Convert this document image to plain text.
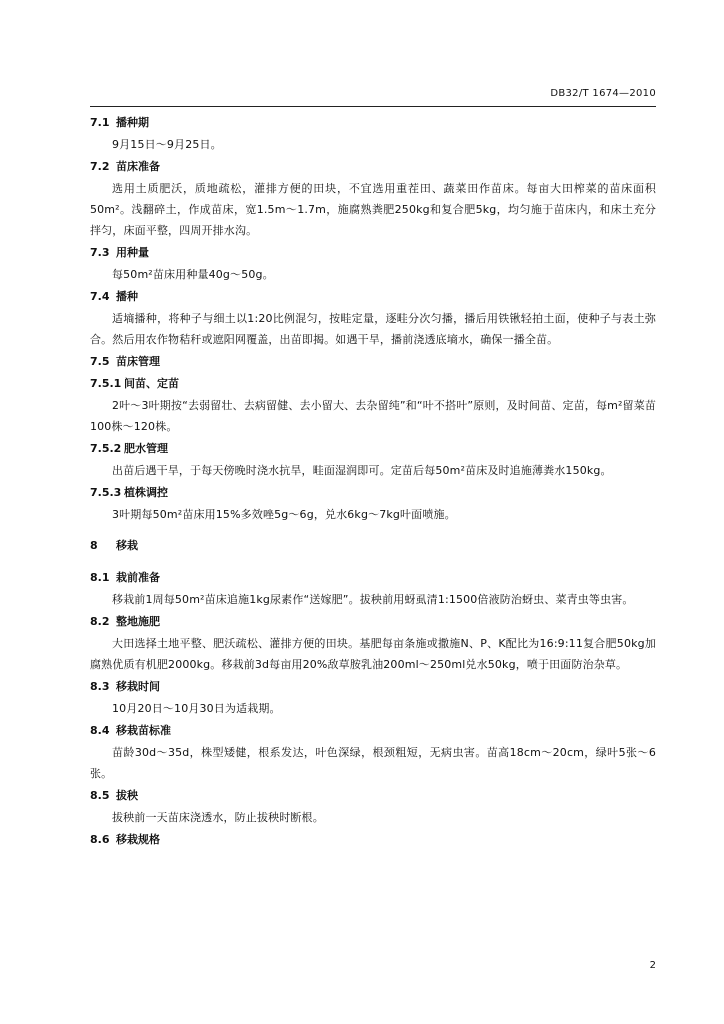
DB32/T 1674—2010
7.1 播种期

9月15日～9月25日。

7.2 苗床准备

选用土质肥沃，质地疏松，灌排方便的田块，不宜选用重茬田、蔬菜田作苗床。每亩大田榨菜的苗床面积50m²。浅翻碎土，作成苗床，宽1.5m～1.7m，施腐熟粪肥250kg和复合肥5kg，均匀施于苗床内，和床土充分拌匀，床面平整，四周开排水沟。

7.3 用种量

每50m²苗床用种量40g～50g。

7.4 播种

适墒播种，将种子与细土以1:20比例混匀，按畦定量，逐畦分次匀播，播后用铁锹轻拍土面，使种子与表土弥合。然后用农作物秸秆或遮阳网覆盖，出苗即揭。如遇干旱，播前浇透底墒水，确保一播全苗。

7.5 苗床管理
7.5.1 间苗、定苗

2叶～3叶期按“去弱留壮、去病留健、去小留大、去杂留纯”和“叶不搭叶”原则，及时间苗、定苗，每m²留菜苗100株～120株。

7.5.2 肥水管理

出苗后遇干旱，于每天傍晚时浇水抗旱，畦面湿润即可。定苗后每50m²苗床及时追施薄粪水150kg。

7.5.3 植株调控

3叶期每50m²苗床用15%多效唑5g～6g，兑水6kg～7kg叶面喷施。

8 移栽
8.1 栽前准备

移栽前1周每50m²苗床追施1kg尿素作“送嫁肥”。拔秧前用蚜虱清1:1500倍液防治蚜虫、菜青虫等虫害。

8.2 整地施肥

大田选择土地平整、肥沃疏松、灌排方便的田块。基肥每亩条施或撒施N、P、K配比为16:9:11复合肥50kg加腐熟优质有机肥2000kg。移栽前3d每亩用20%敌草胺乳油200ml～250ml兑水50kg，喷于田面防治杂草。

8.3 移栽时间

10月20日～10月30日为适栽期。

8.4 移栽苗标准

苗龄30d～35d，株型矮健，根系发达，叶色深绿，根颈粗短，无病虫害。苗高18cm～20cm，绿叶5张～6张。

8.5 拔秧

拔秧前一天苗床浇透水，防止拔秧时断根。

8.6 移栽规格
2
